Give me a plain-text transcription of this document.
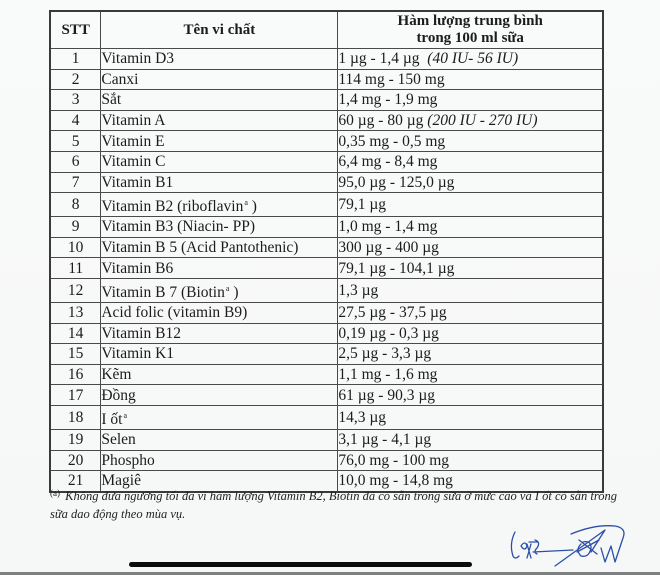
STT	Tên vi chất	Hàm lượng trung bình
trong 100 ml sữa

1	Vitamin D3	1 µg - 1,4 µg  (40 IU- 56 IU)
2	Canxi	114 mg - 150 mg
3	Sắt	1,4 mg - 1,9 mg
4	Vitamin A	60 µg - 80 µg (200 IU - 270 IU)
5	Vitamin E	0,35 mg - 0,5 mg
6	Vitamin C	6,4 mg - 8,4 mg
7	Vitamin B1	95,0 µg - 125,0 µg
8	Vitamin B2 (riboflavin$^a$ )	79,1 µg
9	Vitamin B3 (Niacin- PP)	1,0 mg - 1,4 mg
10	Vitamin B 5 (Acid Pantothenic)	300 µg - 400 µg
11	Vitamin B6	79,1 µg - 104,1 µg
12	Vitamin B 7 (Biotin$^a$ )	1,3 µg
13	Acid folic (vitamin B9)	27,5 µg - 37,5 µg
14	Vitamin B12	0,19 µg - 0,3 µg
15	Vitamin K1	2,5 µg - 3,3 µg
16	Kẽm	1,1 mg - 1,6 mg
17	Đồng	61 µg - 90,3 µg
18	I ốt$^a$	14,3 µg
19	Selen	3,1 µg - 4,1 µg
20	Phospho	76,0 mg - 100 mg
21	Magiê	10,0 mg - 14,8 mg
$^{(a)}$ Không đưa ngưỡng tối đa vì hàm lượng Vitamin B2, Biotin đã có sẵn trong sữa ở mức cao và I ốt có sẵn trong sữa dao động theo mùa vụ.
